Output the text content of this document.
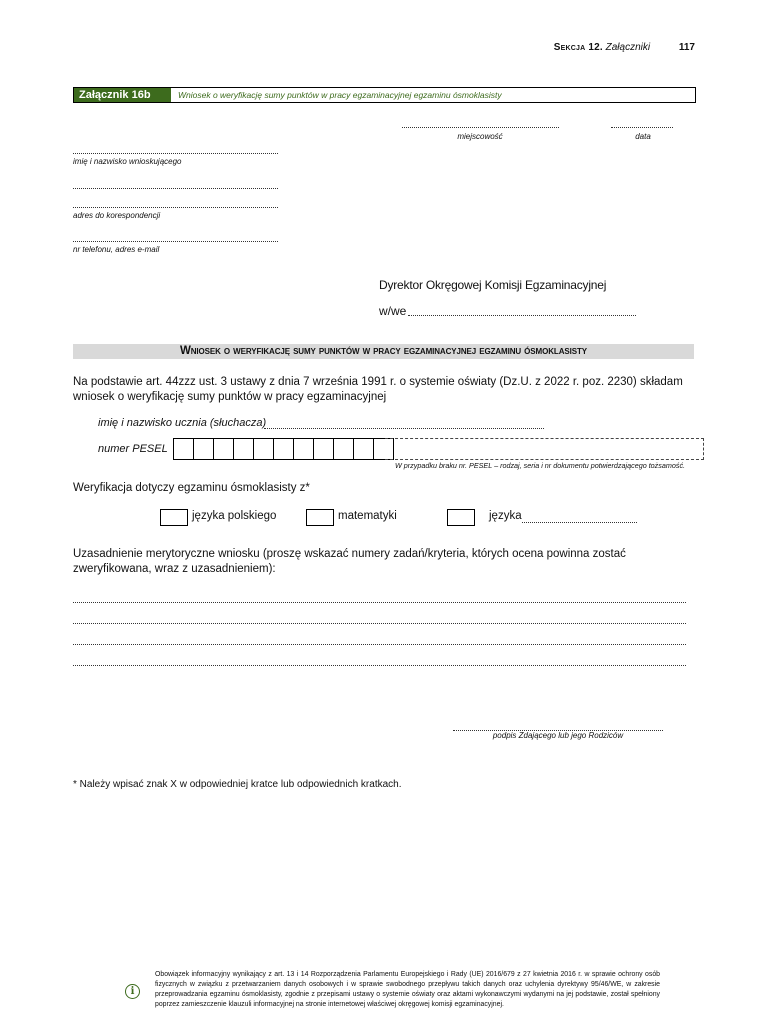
Sekcja 12. Załączniki	117
Załącznik 16b	Wniosek o weryfikację sumy punktów w pracy egzaminacyjnej egzaminu ósmoklasisty
miejscowość	data
imię i nazwisko wnioskującego
adres do korespondencji
nr telefonu, adres e-mail
Dyrektor Okręgowej Komisji Egzaminacyjnej
w/we
Wniosek o weryfikację sumy punktów w pracy egzaminacyjnej egzaminu ósmoklasisty
Na podstawie art. 44zzz ust. 3 ustawy z dnia 7 września 1991 r. o systemie oświaty (Dz.U. z 2022 r. poz. 2230) składam wniosek o weryfikację sumy punktów w pracy egzaminacyjnej
imię i nazwisko ucznia (słuchacza)
numer PESEL
W przypadku braku nr. PESEL – rodzaj, seria i nr dokumentu potwierdzającego tożsamość.
Weryfikacja dotyczy egzaminu ósmoklasisty z*
języka polskiego	matematyki	języka
Uzasadnienie merytoryczne wniosku (proszę wskazać numery zadań/kryteria, których ocena powinna zostać zweryfikowana, wraz z uzasadnieniem):
podpis Zdającego lub jego Rodziców
* Należy wpisać znak X w odpowiedniej kratce lub odpowiednich kratkach.
i
Obowiązek informacyjny wynikający z art. 13 i 14 Rozporządzenia Parlamentu Europejskiego i Rady (UE) 2016/679 z 27 kwietnia 2016 r. w sprawie ochrony osób fizycznych w związku z przetwarzaniem danych osobowych i w sprawie swobodnego przepływu takich danych oraz uchylenia dyrektywy 95/46/WE, w zakresie przeprowadzania egzaminu ósmoklasisty, zgodnie z przepisami ustawy o systemie oświaty oraz aktami wykonawczymi wydanymi na jej podstawie, został spełniony poprzez zamieszczenie klauzuli informacyjnej na stronie internetowej właściwej okręgowej komisji egzaminacyjnej.
